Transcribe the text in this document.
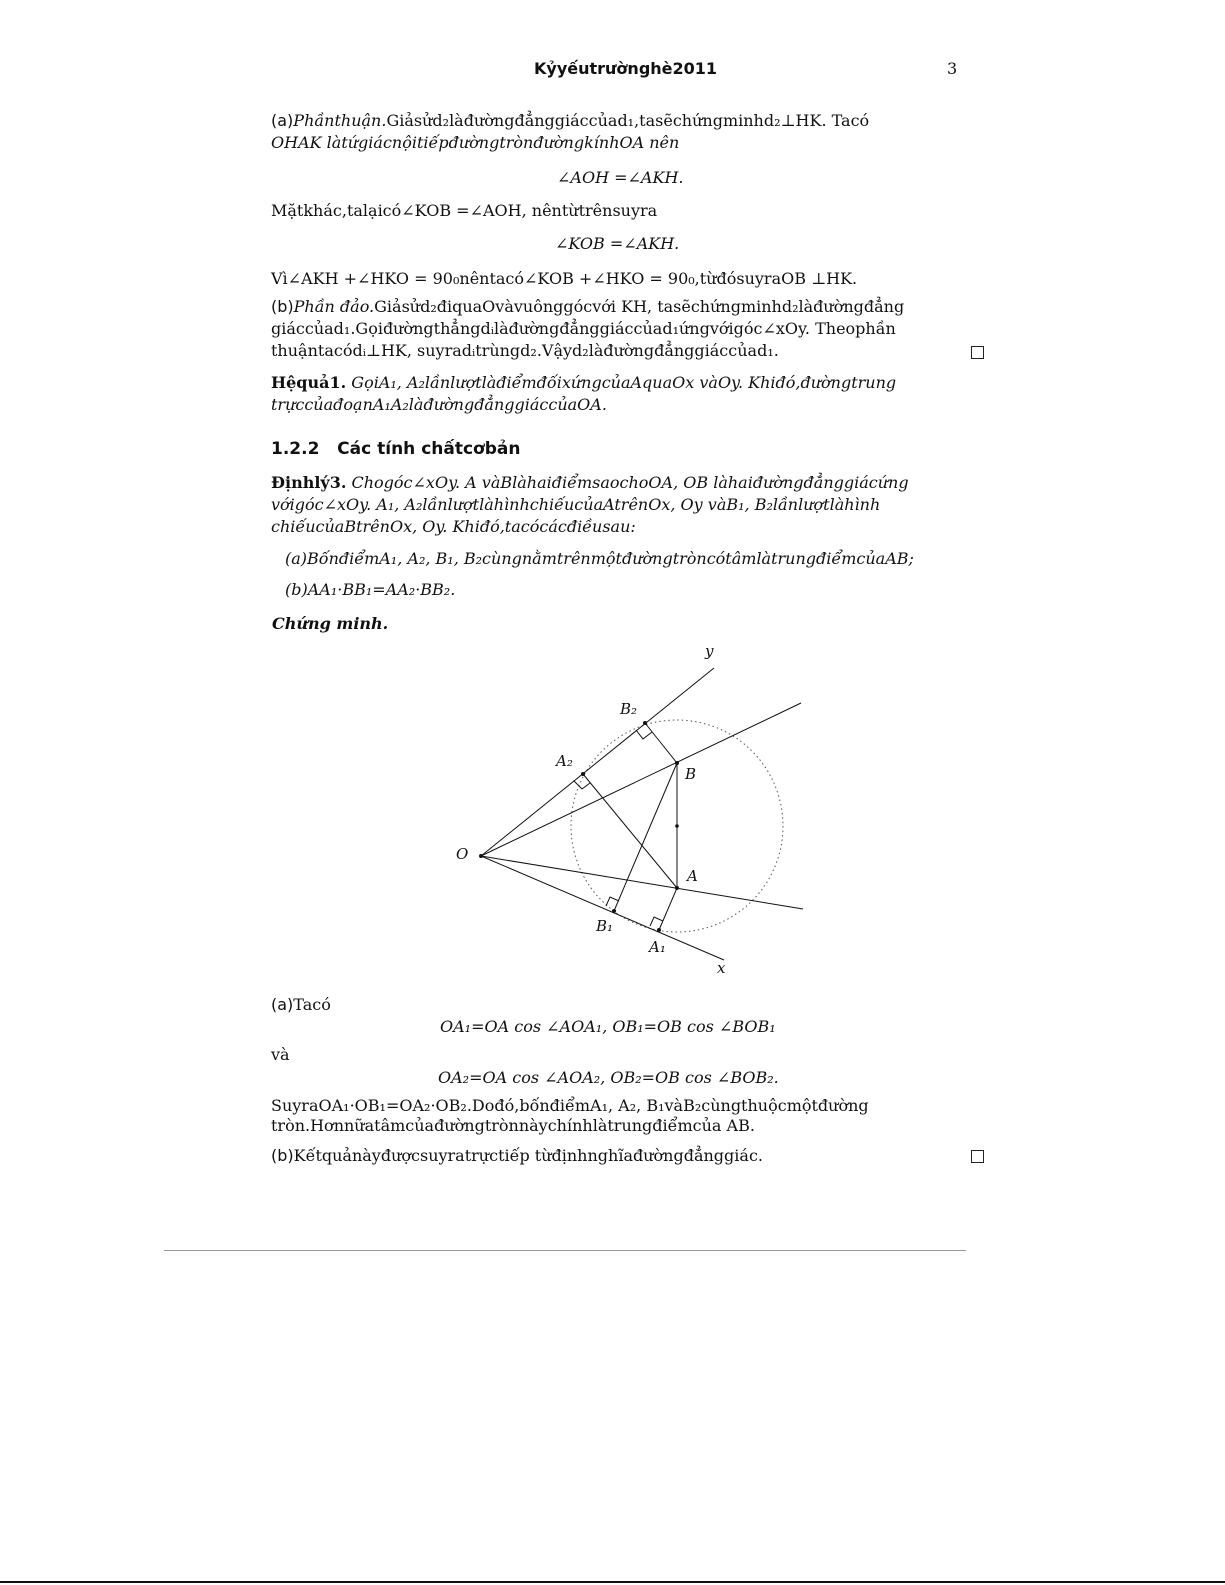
Kỷyếutrườnghè2011	3
(a)Phầnthuận.Giảsửd₂làđườngđẳnggiáccủad₁,tasẽchứngminhd₂⊥HK. Tacó
OHAK làtứgiácnộitiếpđườngtrònđườngkínhOA nên
∠AOH =∠AKH.
Mặtkhác,talạicó∠KOB =∠AOH, nêntừtrênsuyra
∠KOB =∠AKH.
Vì∠AKH +∠HKO = 90₀nêntacó∠KOB +∠HKO = 90₀,từđósuyraOB ⊥HK.
(b)Phần đảo.Giảsửd₂điquaOvàvuônggócvới KH, tasẽchứngminhd₂làđườngđẳng
giáccủad₁.Gọiđườngthẳngdᵢlàđườngđẳnggiáccủad₁ứngvớigóc∠xOy. Theophần
thuậntacódᵢ⊥HK, suyradᵢtrùngd₂.Vậyd₂làđườngđẳnggiáccủad₁.
Hệquả1. GọiA₁, A₂lầnlượtlàđiểmđốixứngcủaAquaOx vàOy. Khiđó,đườngtrung
trựccủađoạnA₁A₂làđườngđẳnggiáccủaOA.
1.2.2 Các tính chấtcơbản
Địnhlý3. Chogóc∠xOy. A vàBlàhaiđiểmsaochoOA, OB làhaiđườngđẳnggiácứng
vớigóc∠xOy. A₁, A₂lầnlượtlàhìnhchiếucủaAtrênOx, Oy vàB₁, B₂lầnlượtlàhình
chiếucủaBtrênOx, Oy. Khiđó,tacócácđiềusau:
(a)BốnđiểmA₁, A₂, B₁, B₂cùngnằmtrênmộtđườngtròncótâmlàtrungđiểmcủaAB;
(b)AA₁·BB₁=AA₂·BB₂.
Chứng minh.
y
x
O
B
A
B₂
A₂
B₁
A₁
(a)Tacó
OA₁=OA cos ∠AOA₁, OB₁=OB cos ∠BOB₁
và
OA₂=OA cos ∠AOA₂, OB₂=OB cos ∠BOB₂.
SuyraOA₁·OB₁=OA₂·OB₂.Dođó,bốnđiểmA₁, A₂, B₁vàB₂cùngthuộcmộtđường
tròn.Hơnnữatâmcủađườngtrònnàychínhlàtrungđiểmcủa AB.
(b)Kếtquảnàyđượcsuyratrựctiếp từđịnhnghĩađườngđẳnggiác.
